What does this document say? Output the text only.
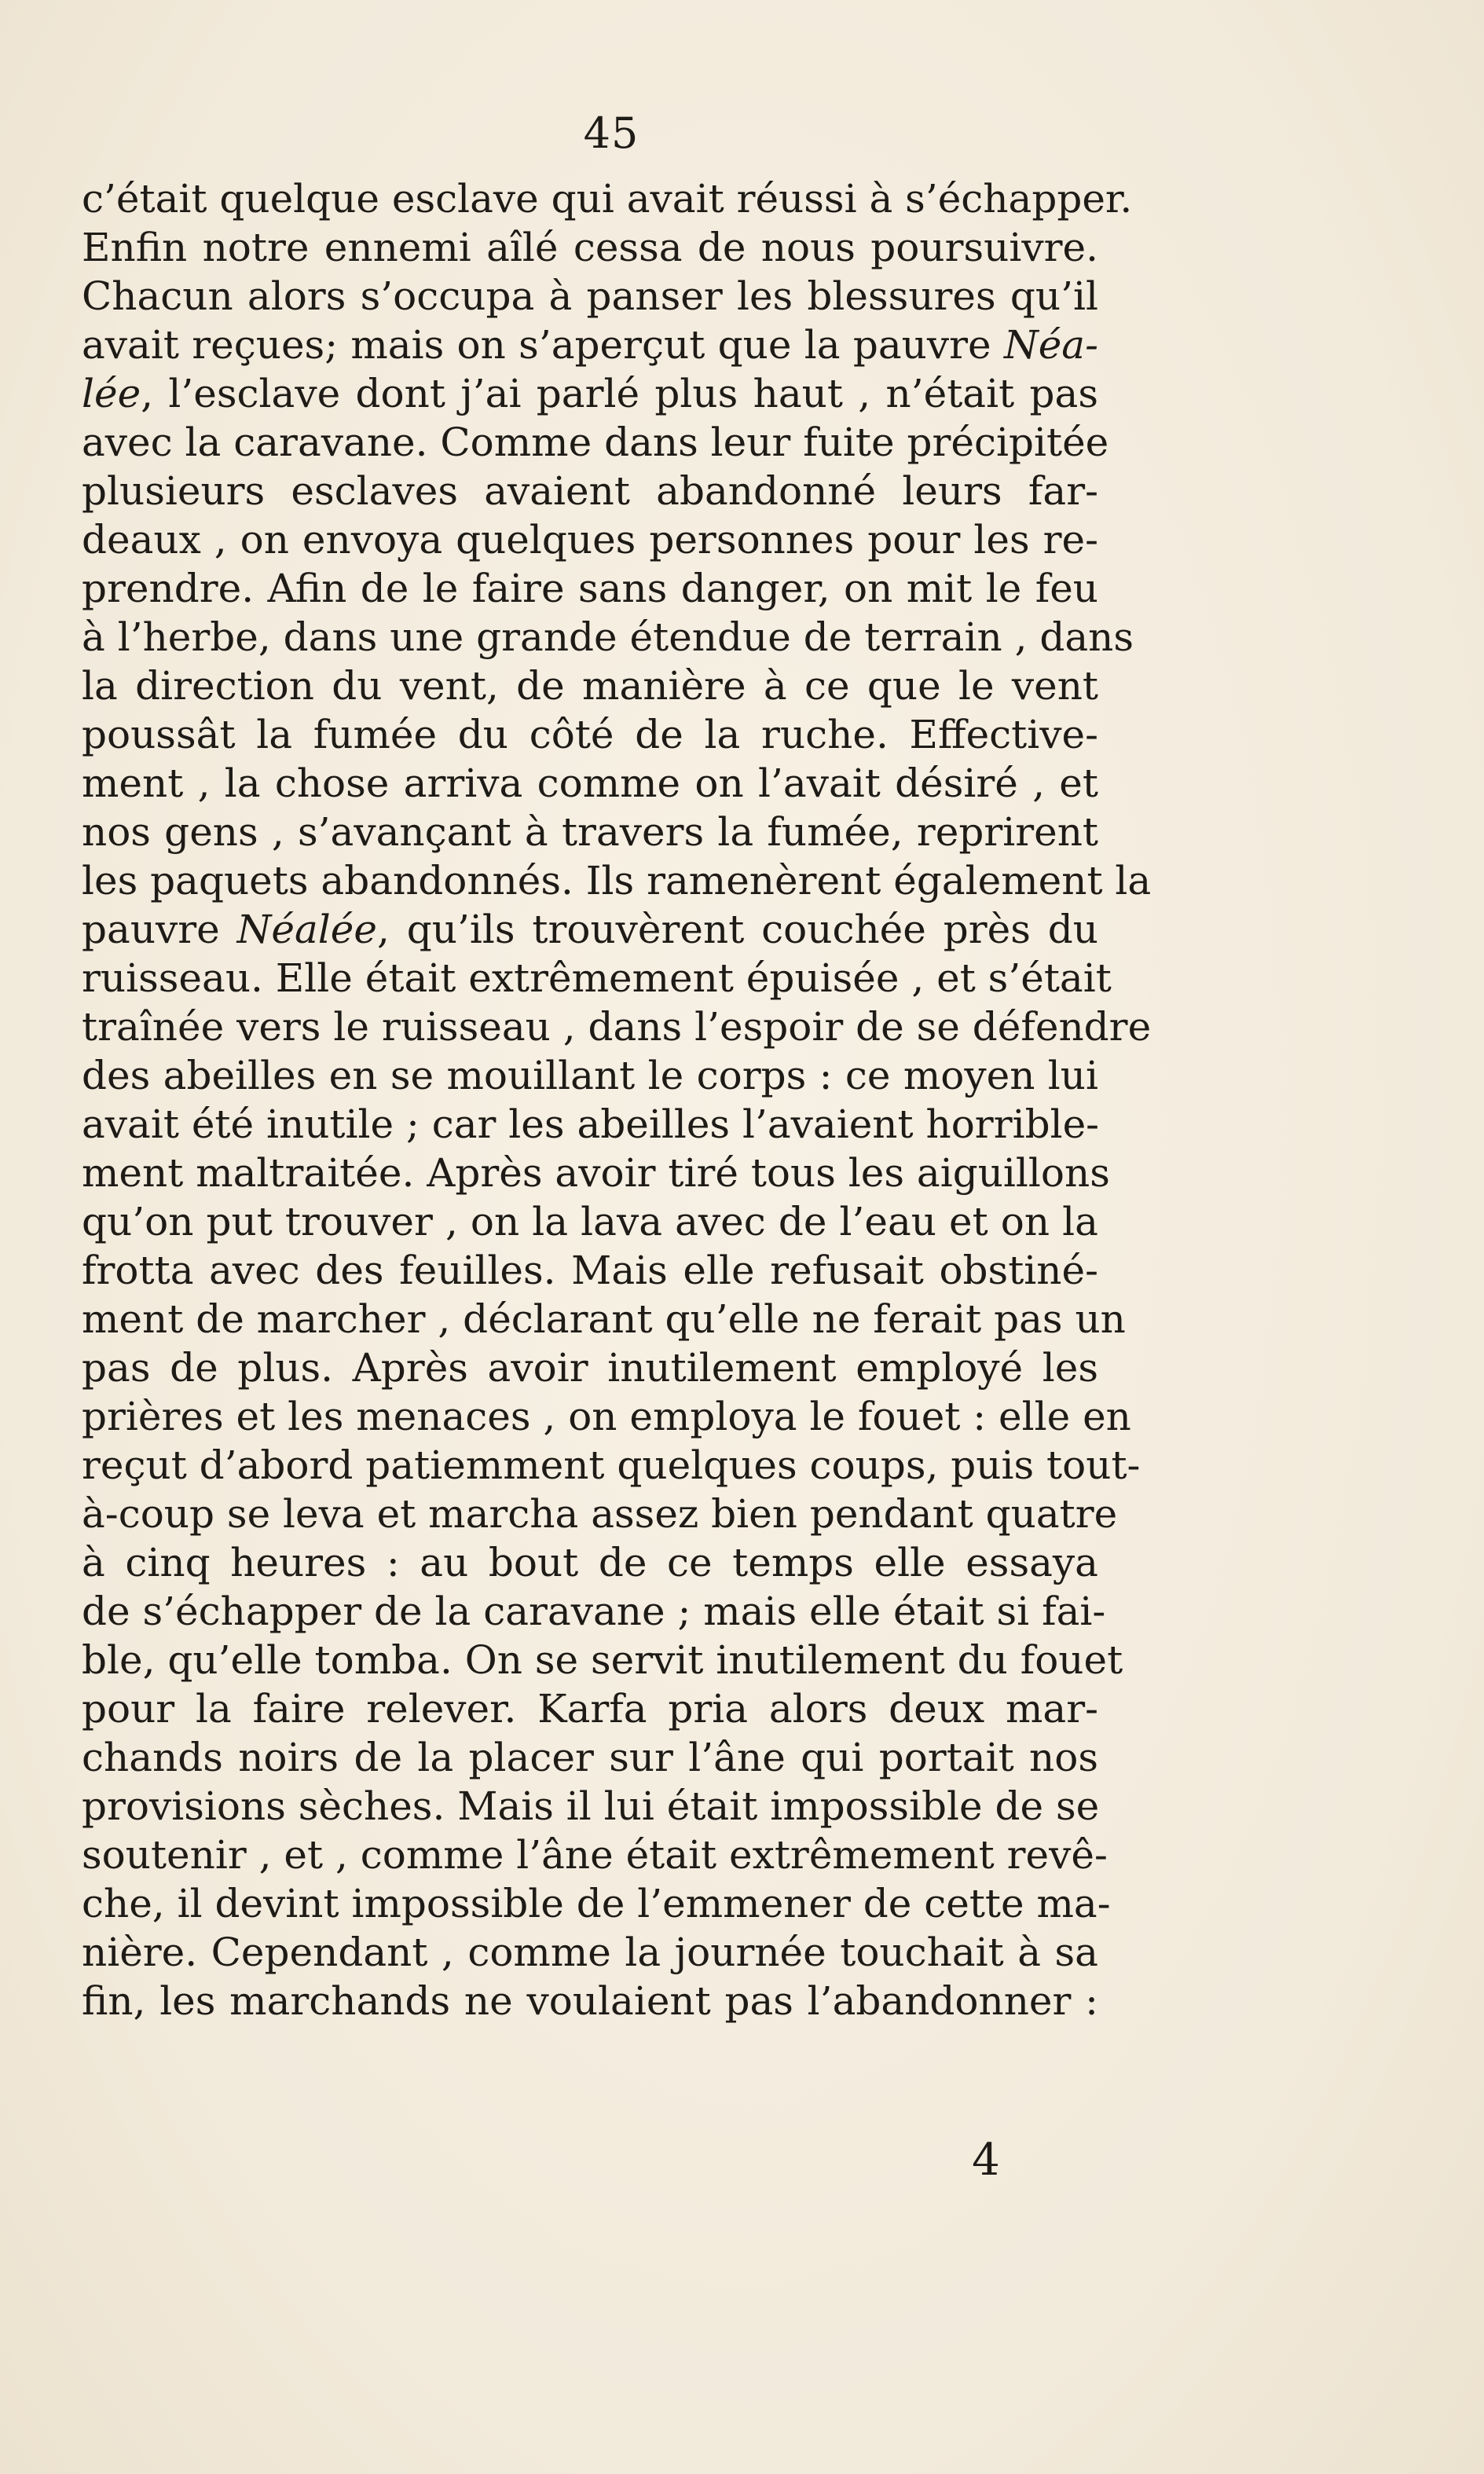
45
c’était quelque esclave qui avait réussi à s’échapper.
Enfin notre ennemi aîlé cessa de nous poursuivre.
Chacun alors s’occupa à panser les blessures qu’il
avait reçues; mais on s’aperçut que la pauvre Néa-
lée, l’esclave dont j’ai parlé plus haut , n’était pas
avec la caravane. Comme dans leur fuite précipitée
plusieurs esclaves avaient abandonné leurs far-
deaux , on envoya quelques personnes pour les re-
prendre. Afin de le faire sans danger, on mit le feu
à l’herbe, dans une grande étendue de terrain , dans
la direction du vent, de manière à ce que le vent
poussât la fumée du côté de la ruche. Effective-
ment , la chose arriva comme on l’avait désiré , et
nos gens , s’avançant à travers la fumée, reprirent
les paquets abandonnés. Ils ramenèrent également la
pauvre Néalée, qu’ils trouvèrent couchée près du
ruisseau. Elle était extrêmement épuisée , et s’était
traînée vers le ruisseau , dans l’espoir de se défendre
des abeilles en se mouillant le corps : ce moyen lui
avait été inutile ; car les abeilles l’avaient horrible-
ment maltraitée. Après avoir tiré tous les aiguillons
qu’on put trouver , on la lava avec de l’eau et on la
frotta avec des feuilles. Mais elle refusait obstiné-
ment de marcher , déclarant qu’elle ne ferait pas un
pas de plus. Après avoir inutilement employé les
prières et les menaces , on employa le fouet : elle en
reçut d’abord patiemment quelques coups, puis tout-
à-coup se leva et marcha assez bien pendant quatre
à cinq heures : au bout de ce temps elle essaya
de s’échapper de la caravane ; mais elle était si fai-
ble, qu’elle tomba. On se servit inutilement du fouet
pour la faire relever. Karfa pria alors deux mar-
chands noirs de la placer sur l’âne qui portait nos
provisions sèches. Mais il lui était impossible de se
soutenir , et , comme l’âne était extrêmement revê-
che, il devint impossible de l’emmener de cette ma-
nière. Cependant , comme la journée touchait à sa
fin, les marchands ne voulaient pas l’abandonner :
4
